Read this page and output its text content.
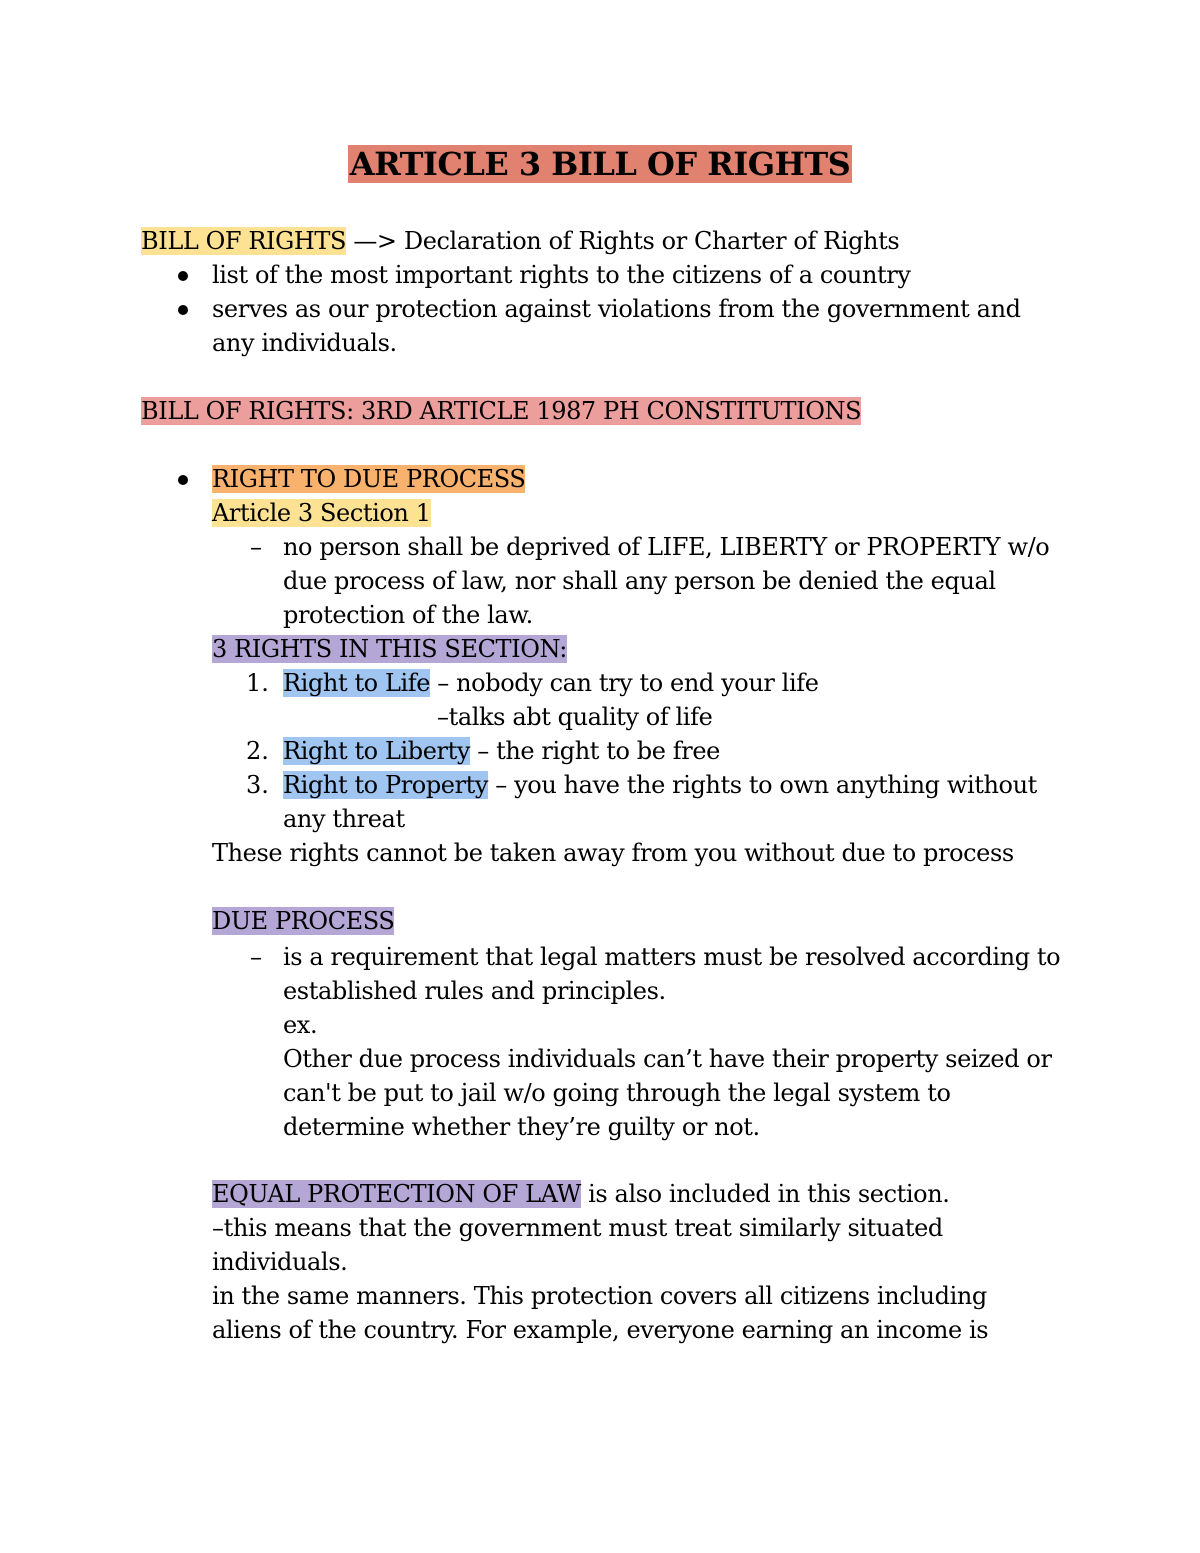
ARTICLE 3 BILL OF RIGHTS
BILL OF RIGHTS —> Declaration of Rights or Charter of Rights
list of the most important rights to the citizens of a country
serves as our protection against violations from the government and
any individuals.
BILL OF RIGHTS: 3RD ARTICLE 1987 PH CONSTITUTIONS
RIGHT TO DUE PROCESS
Article 3 Section 1
– no person shall be deprived of LIFE, LIBERTY or PROPERTY w/o
due process of law, nor shall any person be denied the equal
protection of the law.
3 RIGHTS IN THIS SECTION:
1. Right to Life – nobody can try to end your life
–talks abt quality of life
2. Right to Liberty – the right to be free
3. Right to Property – you have the rights to own anything without
any threat
These rights cannot be taken away from you without due to process
DUE PROCESS
– is a requirement that legal matters must be resolved according to
established rules and principles.
ex.
Other due process individuals can’t have their property seized or
can't be put to jail w/o going through the legal system to
determine whether they’re guilty or not.
EQUAL PROTECTION OF LAW is also included in this section.
–this means that the government must treat similarly situated
individuals.
in the same manners. This protection covers all citizens including
aliens of the country. For example, everyone earning an income is
